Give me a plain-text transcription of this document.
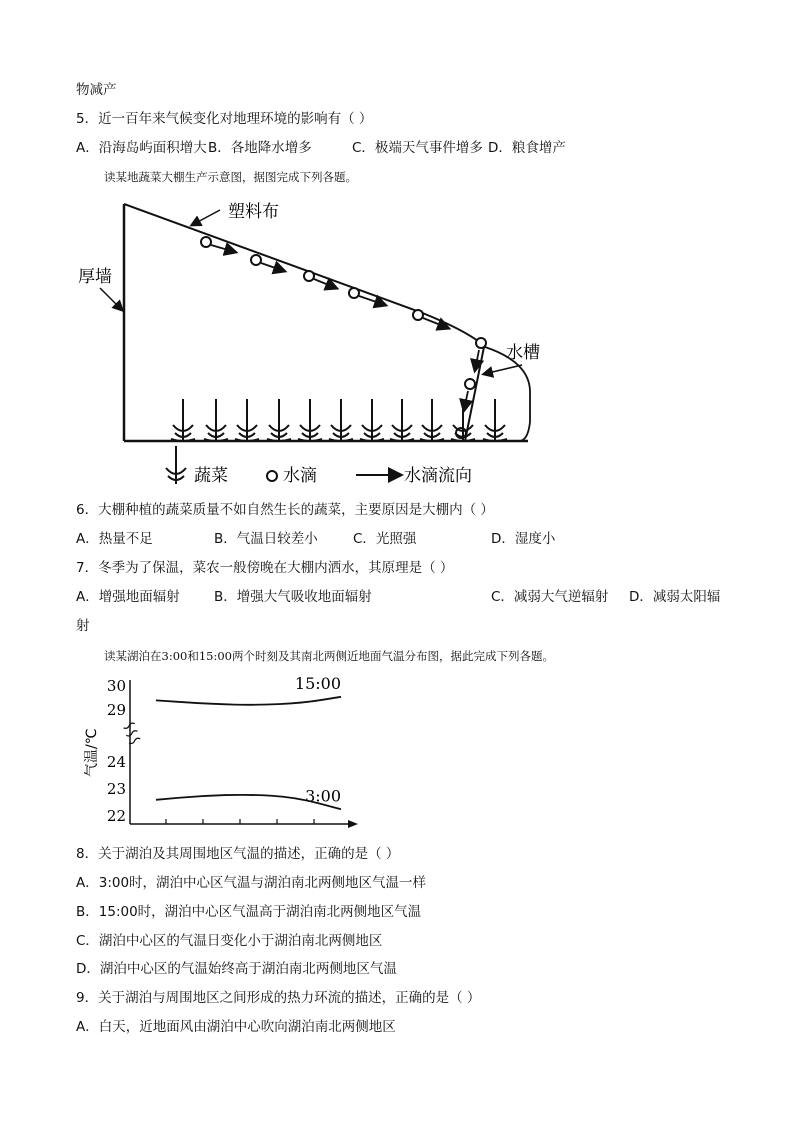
物减产
5．近一百年来气候变化对地理环境的影响有（ ）
A．沿海岛屿面积增大 B．各地降水增多	C．极端天气事件增多 D．粮食增产
读某地蔬菜大棚生产示意图，据图完成下列各题。
塑料布
厚墙
水槽
蔬菜	水滴	水滴流向
6．大棚种植的蔬菜质量不如自然生长的蔬菜，主要原因是大棚内（ ）
A．热量不足	B．气温日较差小	C．光照强	D．湿度小
7．冬季为了保温，菜农一般傍晚在大棚内洒水，其原理是（ ）
A．增强地面辐射	B．增强大气吸收地面辐射	C．减弱大气逆辐射 D．减弱太阳辐
射
读某湖泊在3:00和15:00两个时刻及其南北两侧近地面气温分布图，据此完成下列各题。
30
29
24
23
22
15:00
3:00
气温/℃
8．关于湖泊及其周围地区气温的描述，正确的是（ ）
A．3:00时，湖泊中心区气温与湖泊南北两侧地区气温一样
B．15:00时，湖泊中心区气温高于湖泊南北两侧地区气温
C．湖泊中心区的气温日变化小于湖泊南北两侧地区
D．湖泊中心区的气温始终高于湖泊南北两侧地区气温
9．关于湖泊与周围地区之间形成的热力环流的描述，正确的是（ ）
A．白天，近地面风由湖泊中心吹向湖泊南北两侧地区
